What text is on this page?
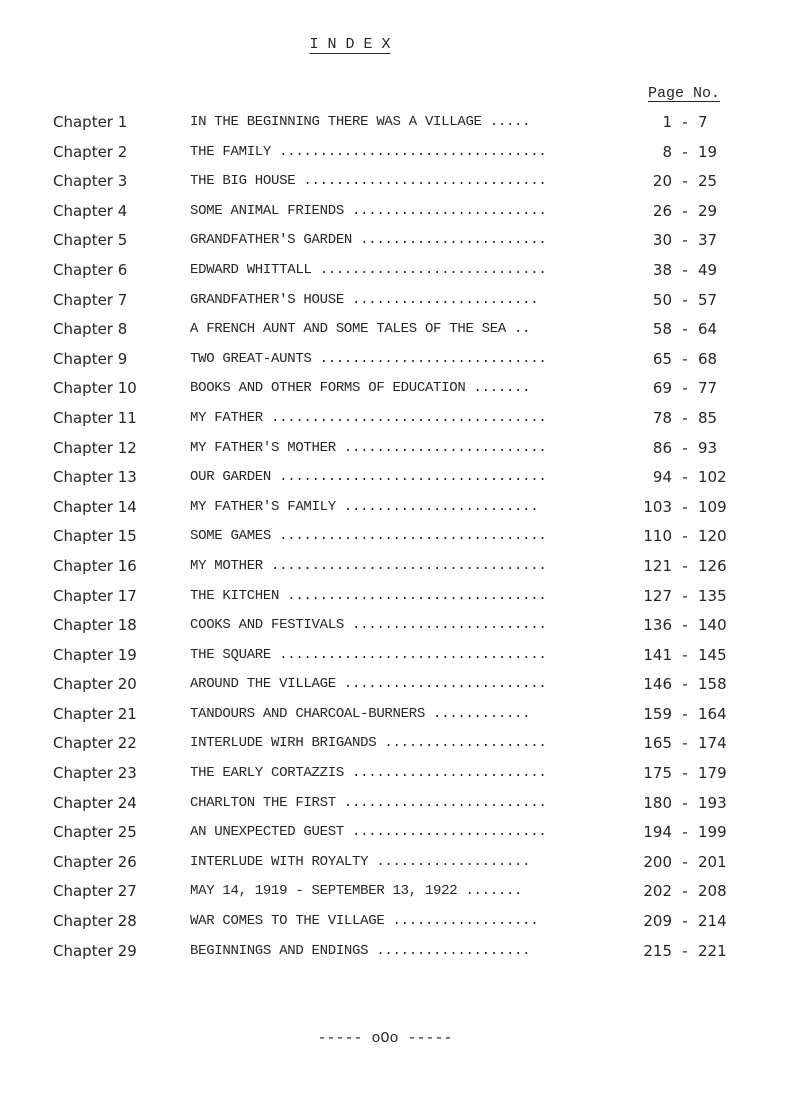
I N D E X
Page No.
Chapter 1	IN THE BEGINNING THERE WAS A VILLAGE .....	1 - 7
Chapter 2	THE FAMILY .................................	8 - 19
Chapter 3	THE BIG HOUSE ..............................	20 - 25
Chapter 4	SOME ANIMAL FRIENDS ........................	26 - 29
Chapter 5	GRANDFATHER'S GARDEN .......................	30 - 37
Chapter 6	EDWARD WHITTALL ............................	38 - 49
Chapter 7	GRANDFATHER'S HOUSE .......................	50 - 57
Chapter 8	A FRENCH AUNT AND SOME TALES OF THE SEA ..	58 - 64
Chapter 9	TWO GREAT-AUNTS ............................	65 - 68
Chapter 10	BOOKS AND OTHER FORMS OF EDUCATION .......	69 - 77
Chapter 11	MY FATHER ..................................	78 - 85
Chapter 12	MY FATHER'S MOTHER .........................	86 - 93
Chapter 13	OUR GARDEN .................................	94 - 102
Chapter 14	MY FATHER'S FAMILY ........................	103 - 109
Chapter 15	SOME GAMES .................................	110 - 120
Chapter 16	MY MOTHER ..................................	121 - 126
Chapter 17	THE KITCHEN ................................	127 - 135
Chapter 18	COOKS AND FESTIVALS ........................	136 - 140
Chapter 19	THE SQUARE .................................	141 - 145
Chapter 20	AROUND THE VILLAGE .........................	146 - 158
Chapter 21	TANDOURS AND CHARCOAL-BURNERS ............	159 - 164
Chapter 22	INTERLUDE WIRH BRIGANDS ....................	165 - 174
Chapter 23	THE EARLY CORTAZZIS ........................	175 - 179
Chapter 24	CHARLTON THE FIRST .........................	180 - 193
Chapter 25	AN UNEXPECTED GUEST ........................	194 - 199
Chapter 26	INTERLUDE WITH ROYALTY ...................	200 - 201
Chapter 27	MAY 14, 1919 - SEPTEMBER 13, 1922 .......	202 - 208
Chapter 28	WAR COMES TO THE VILLAGE ..................	209 - 214
Chapter 29	BEGINNINGS AND ENDINGS ...................	215 - 221
----- oOo -----
